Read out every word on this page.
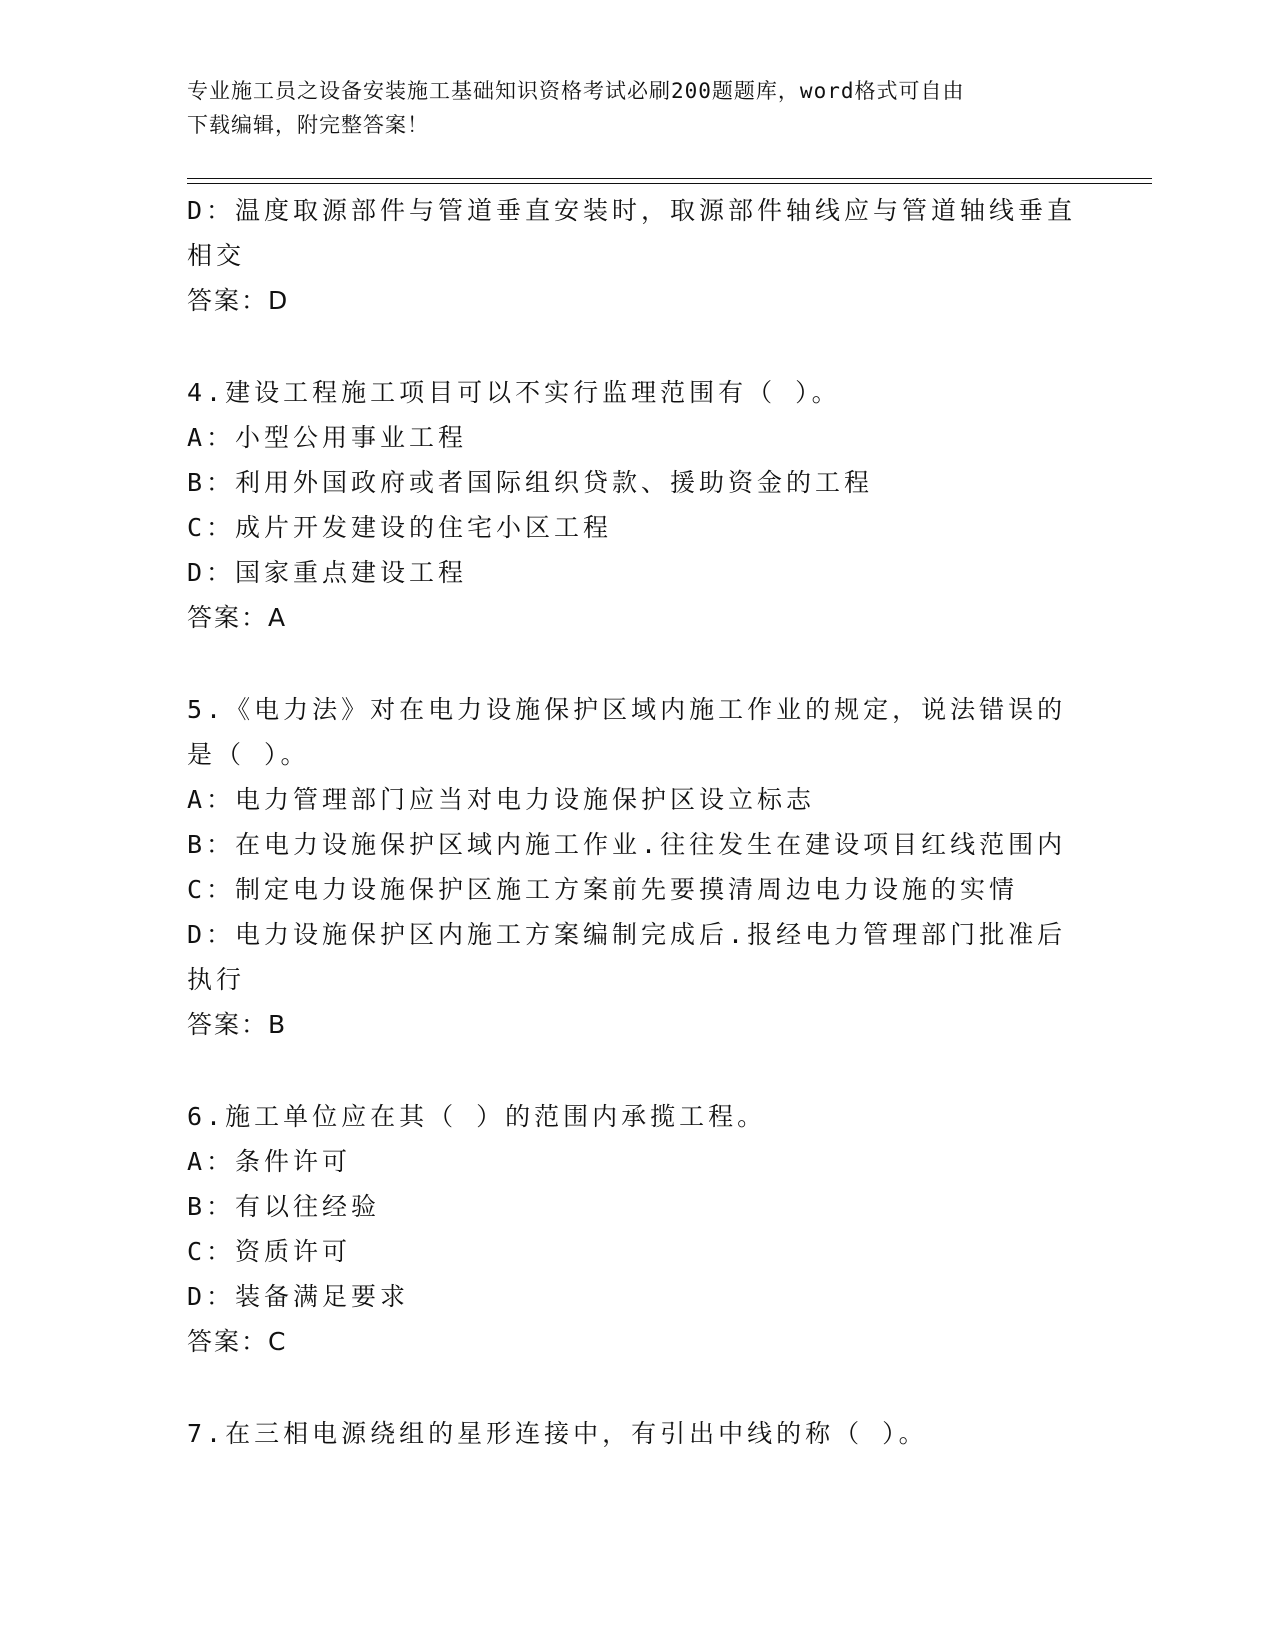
专业施工员之设备安装施工基础知识资格考试必刷200题题库，word格式可自由
下载编辑，附完整答案！
D：温度取源部件与管道垂直安装时，取源部件轴线应与管道轴线垂直
相交
答案：D
4.建设工程施工项目可以不实行监理范围有（ ）。
A：小型公用事业工程
B：利用外国政府或者国际组织贷款、援助资金的工程
C：成片开发建设的住宅小区工程
D：国家重点建设工程
答案：A
5.《电力法》对在电力设施保护区域内施工作业的规定，说法错误的
是（ ）。
A：电力管理部门应当对电力设施保护区设立标志
B：在电力设施保护区域内施工作业.往往发生在建设项目红线范围内
C：制定电力设施保护区施工方案前先要摸清周边电力设施的实情
D：电力设施保护区内施工方案编制完成后.报经电力管理部门批准后
执行
答案：B
6.施工单位应在其（ ）的范围内承揽工程。
A：条件许可
B：有以往经验
C：资质许可
D：装备满足要求
答案：C
7.在三相电源绕组的星形连接中，有引出中线的称（ ）。
